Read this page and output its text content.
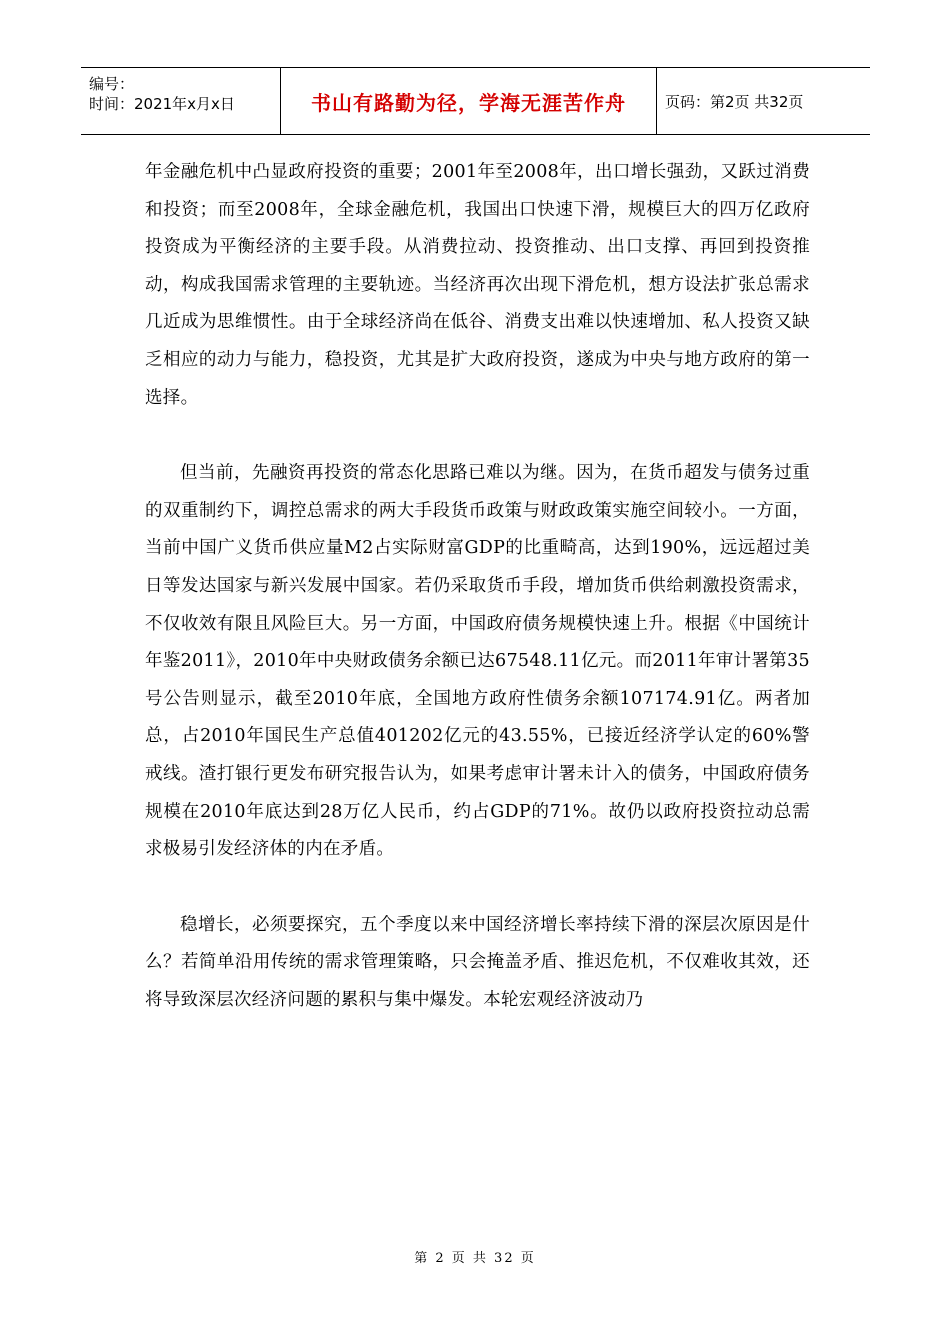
编号：
时间：2021年x月x日	书山有路勤为径，学海无涯苦作舟	页码：第2页 共32页

年金融危机中凸显政府投资的重要；2001年至2008年，出口增长强劲，又跃过消费和投资；而至2008年，全球金融危机，我国出口快速下滑，规模巨大的四万亿政府投资成为平衡经济的主要手段。从消费拉动、投资推动、出口支撑、再回到投资推动，构成我国需求管理的主要轨迹。当经济再次出现下滑危机，想方设法扩张总需求几近成为思维惯性。由于全球经济尚在低谷、消费支出难以快速增加、私人投资又缺乏相应的动力与能力，稳投资，尤其是扩大政府投资，遂成为中央与地方政府的第一选择。

但当前，先融资再投资的常态化思路已难以为继。因为，在货币超发与债务过重的双重制约下，调控总需求的两大手段货币政策与财政政策实施空间较小。一方面，当前中国广义货币供应量M2占实际财富GDP的比重畸高，达到190%，远远超过美日等发达国家与新兴发展中国家。若仍采取货币手段，增加货币供给刺激投资需求，不仅收效有限且风险巨大。另一方面，中国政府债务规模快速上升。根据《中国统计年鉴2011》，2010年中央财政债务余额已达67548.11亿元。而2011年审计署第35号公告则显示，截至2010年底，全国地方政府性债务余额107174.91亿。两者加总，占2010年国民生产总值401202亿元的43.55%，已接近经济学认定的60%警戒线。渣打银行更发布研究报告认为，如果考虑审计署未计入的债务，中国政府债务规模在2010年底达到28万亿人民币，约占GDP的71%。故仍以政府投资拉动总需求极易引发经济体的内在矛盾。

稳增长，必须要探究，五个季度以来中国经济增长率持续下滑的深层次原因是什么？若简单沿用传统的需求管理策略，只会掩盖矛盾、推迟危机，不仅难收其效，还将导致深层次经济问题的累积与集中爆发。本轮宏观经济波动乃

第 2 页 共 32 页
